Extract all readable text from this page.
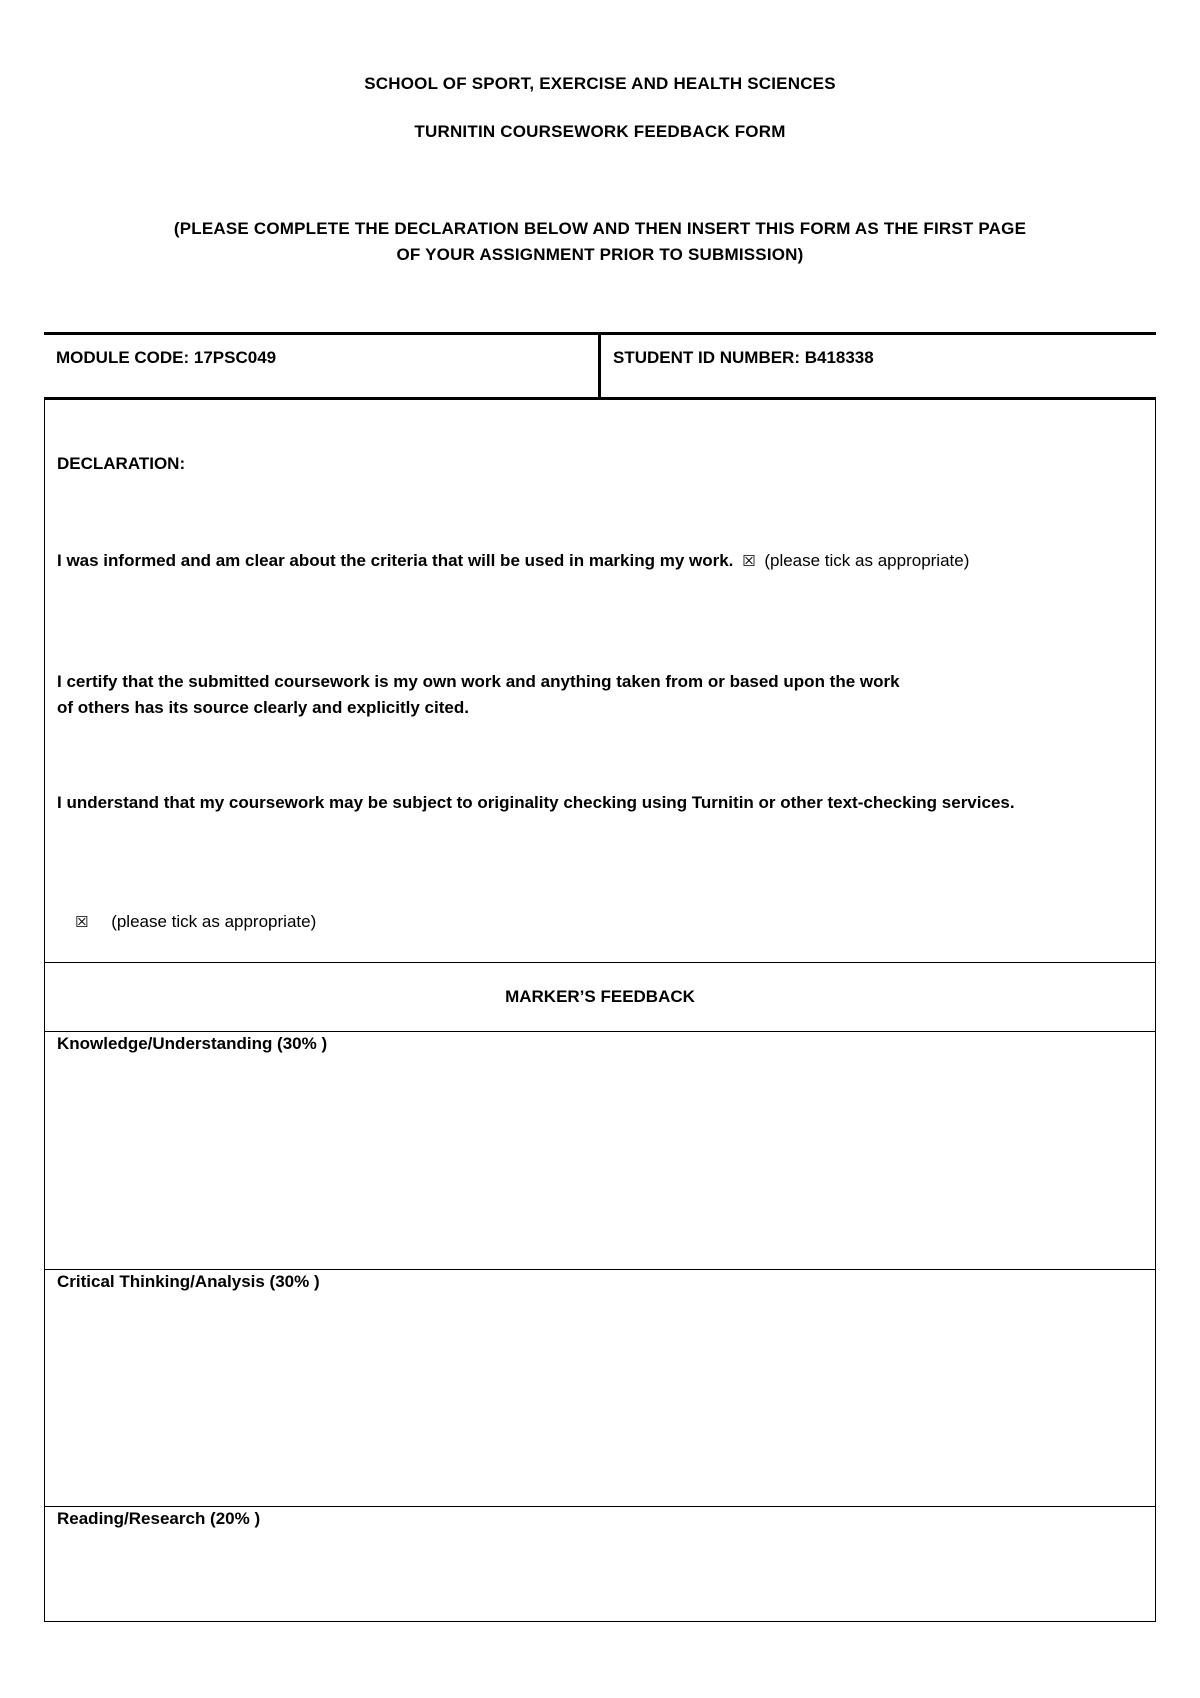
SCHOOL OF SPORT, EXERCISE AND HEALTH SCIENCES
TURNITIN COURSEWORK FEEDBACK FORM
(PLEASE COMPLETE THE DECLARATION BELOW AND THEN INSERT THIS FORM AS THE FIRST PAGE
OF YOUR ASSIGNMENT PRIOR TO SUBMISSION)
MODULE CODE: 17PSC049	STUDENT ID NUMBER: B418338
DECLARATION:
I was informed and am clear about the criteria that will be used in marking my work. ☒ (please tick as appropriate)
I certify that the submitted coursework is my own work and anything taken from or based upon the work
of others has its source clearly and explicitly cited.
I understand that my coursework may be subject to originality checking using Turnitin or other text-checking services.
☒ (please tick as appropriate)
MARKER’S FEEDBACK
Knowledge/Understanding (30% )
Critical Thinking/Analysis (30% )
Reading/Research (20% )
